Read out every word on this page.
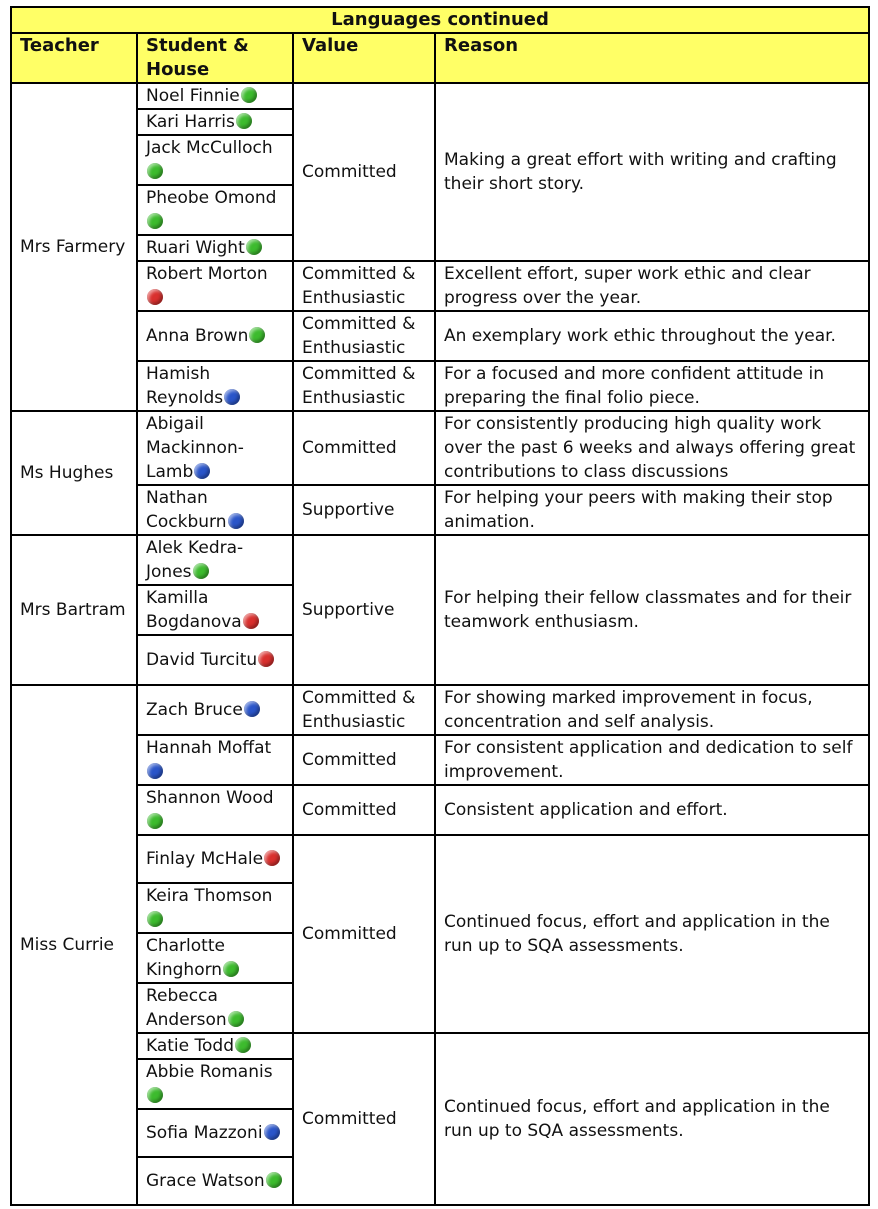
Languages continued			
Teacher	Student & House	Value	Reason
Mrs Farmery	Noel Finnie	Committed	Making a great effort with writing and crafting their short story.
	Kari Harris		
	Jack McCulloch		
	Pheobe Omond		
	Ruari Wight		
	Robert Morton	Committed & Enthusiastic	Excellent effort, super work ethic and clear progress over the year.
	Anna Brown	Committed & Enthusiastic	An exemplary work ethic throughout the year.
	Hamish Reynolds	Committed & Enthusiastic	For a focused and more confident attitude in preparing the final folio piece.
Ms Hughes	Abigail Mackinnon-Lamb	Committed	For consistently producing high quality work over the past 6 weeks and always offering great contributions to class discussions
	Nathan Cockburn	Supportive	For helping your peers with making their stop animation.
Mrs Bartram	Alek Kedra-Jones	Supportive	For helping their fellow classmates and for their teamwork enthusiasm.
	Kamilla Bogdanova		
	David Turcitu		
Miss Currie	Zach Bruce	Committed & Enthusiastic	For showing marked improvement in focus, concentration and self analysis.
	Hannah Moffat	Committed	For consistent application and dedication to self improvement.
	Shannon Wood	Committed	Consistent application and effort.
	Finlay McHale	Committed	Continued focus, effort and application in the run up to SQA assessments.
	Keira Thomson		
	Charlotte Kinghorn		
	Rebecca Anderson		
	Katie Todd	Committed	Continued focus, effort and application in the run up to SQA assessments.
	Abbie Romanis		
	Sofia Mazzoni		
	Grace Watson		
